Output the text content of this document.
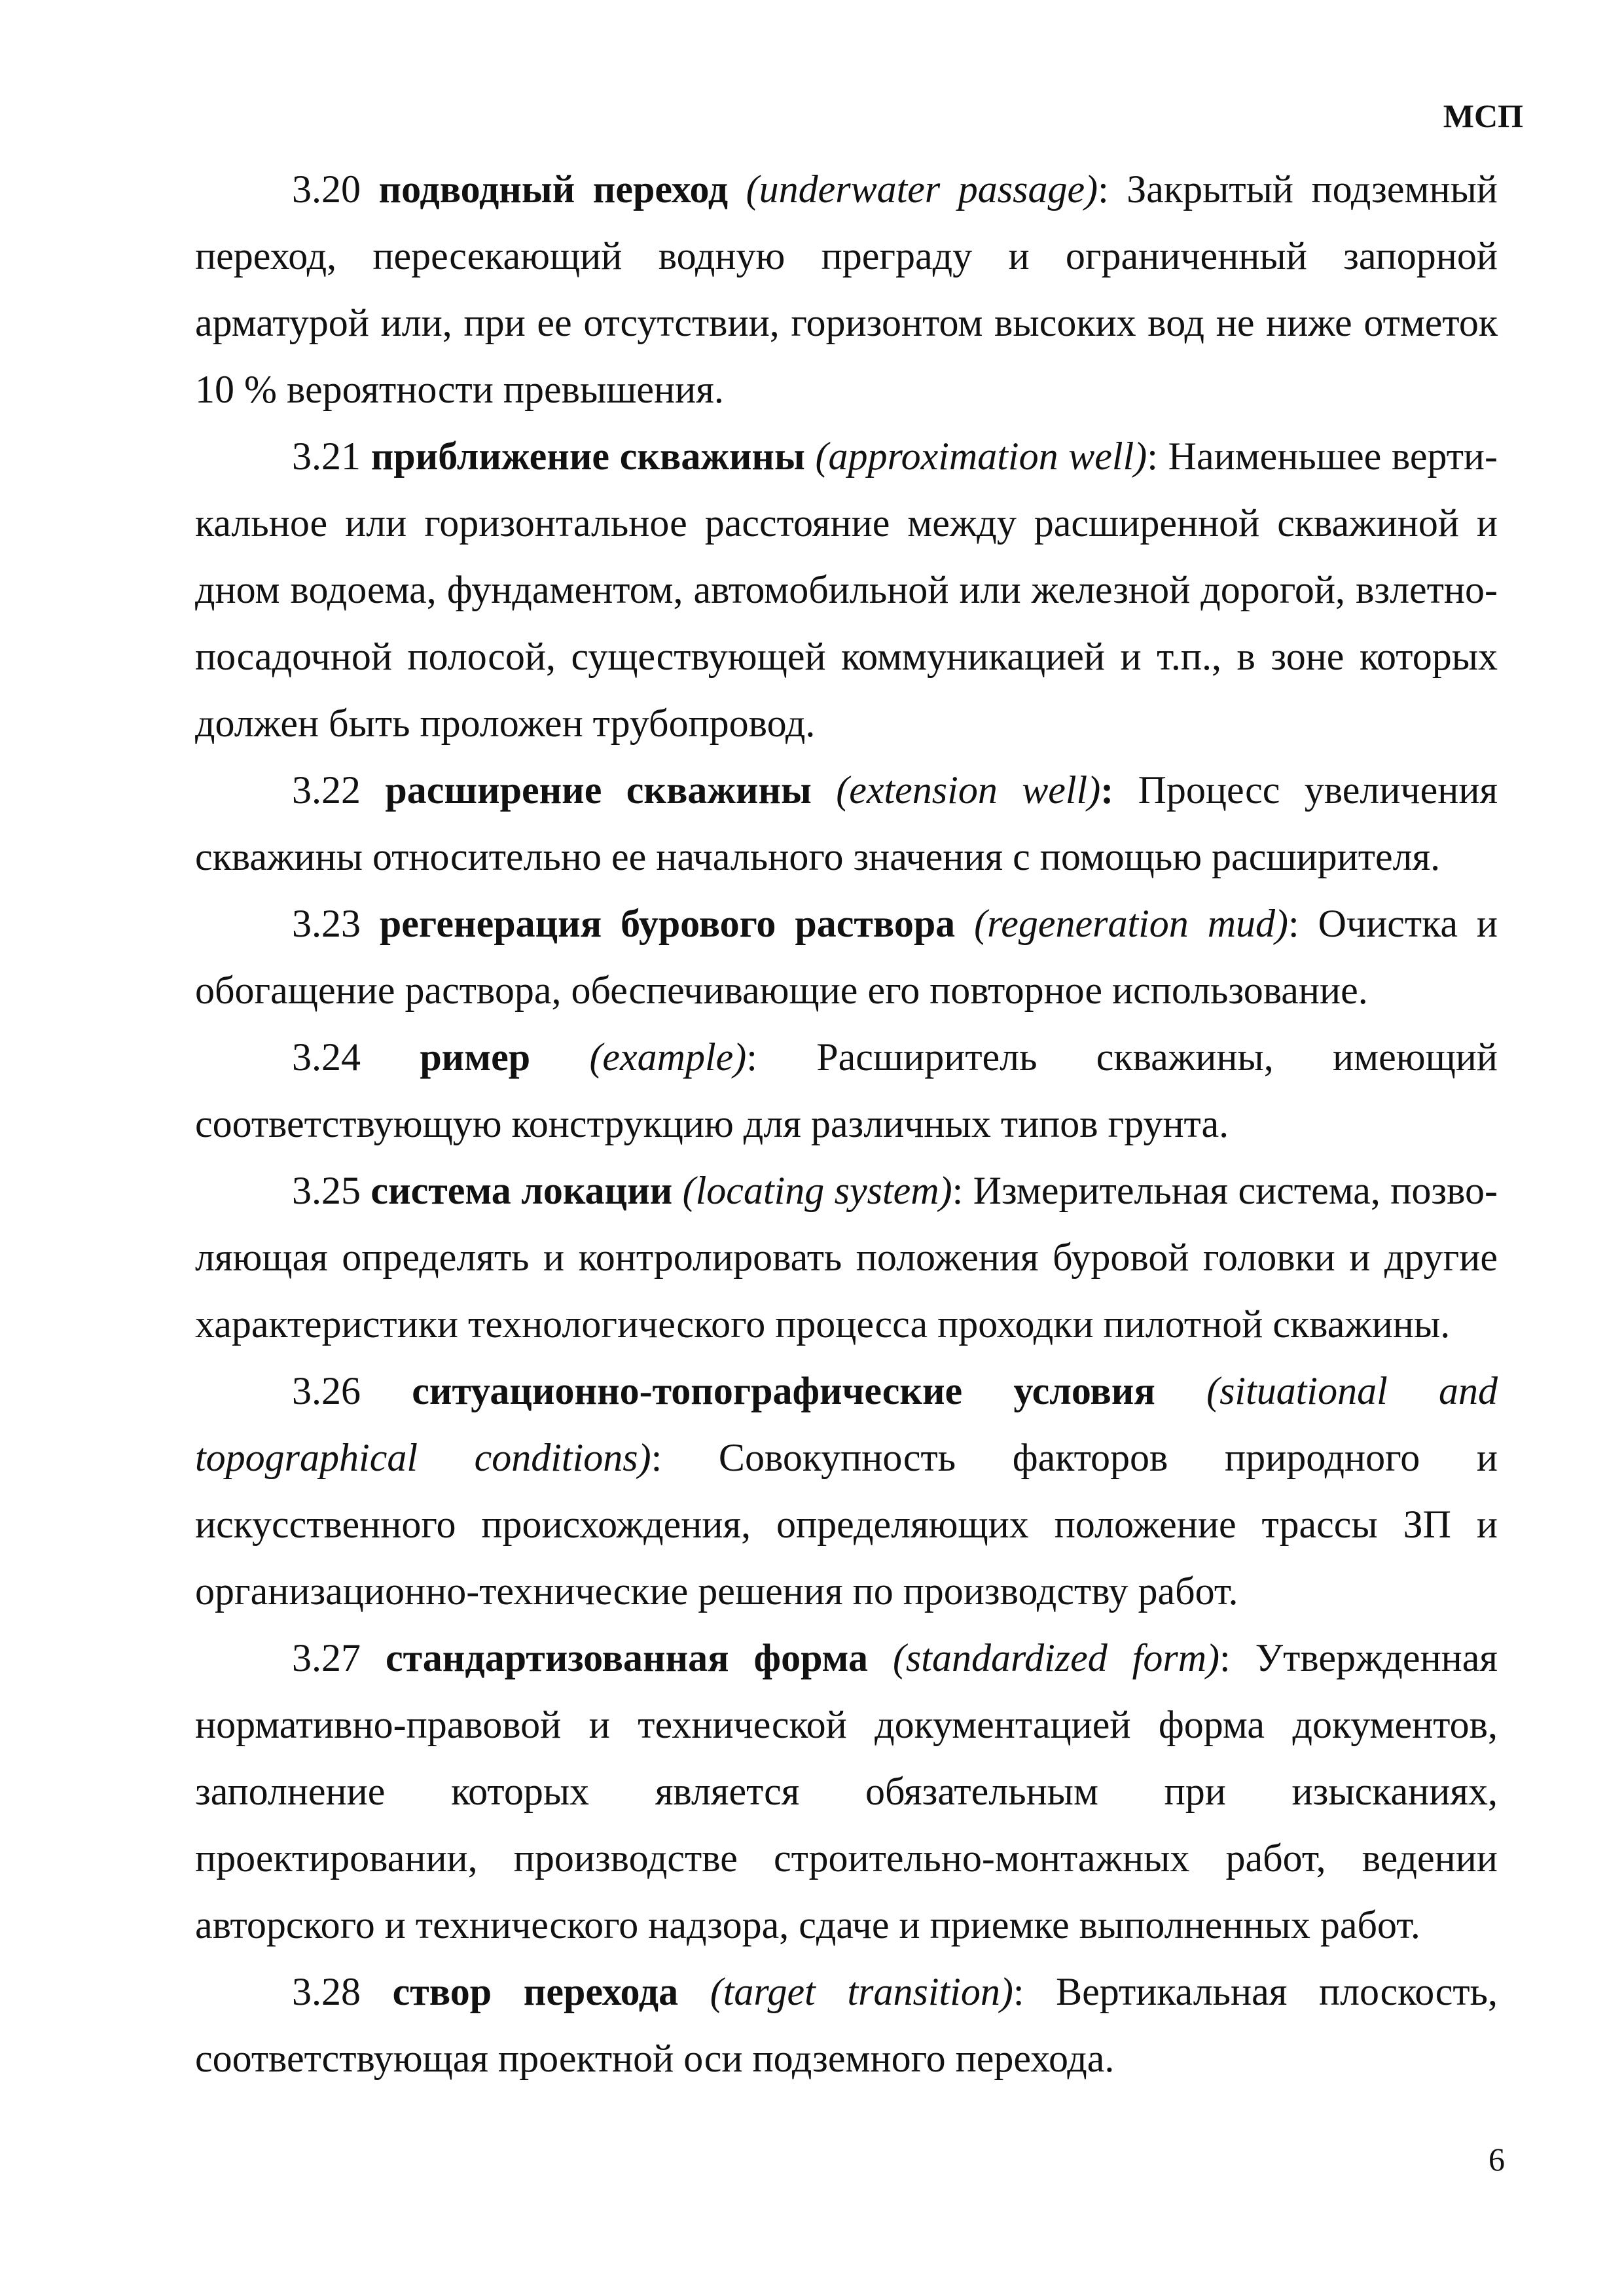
МСП

3.20 подводный переход (underwater passage): Закрытый подземный переход, пересекающий водную преграду и ограниченный запорной арматурой или, при ее отсутствии, горизонтом высоких вод не ниже отметок 10 % вероятности превышения.

3.21 приближение скважины (approximation well): Наименьшее вертикальное или горизонтальное расстояние между расширенной скважиной и дном водоема, фундаментом, автомобильной или железной дорогой, взлетно-посадочной полосой, существующей коммуникацией и т.п., в зоне которых должен быть проложен трубопровод.

3.22 расширение скважины (extension well): Процесс увеличения скважины относительно ее начального значения с помощью расширителя.

3.23 регенерация бурового раствора (regeneration mud): Очистка и обогащение раствора, обеспечивающие его повторное использование.

3.24 ример (example): Расширитель скважины, имеющий соответствующую конструкцию для различных типов грунта.

3.25 система локации (locating system): Измерительная система, позволяющая определять и контролировать положения буровой головки и другие характеристики технологического процесса проходки пилотной скважины.

3.26 ситуационно-топографические условия (situational and topographical conditions): Совокупность факторов природного и искусственного происхождения, определяющих положение трассы ЗП и организационно-технические решения по производству работ.

3.27 стандартизованная форма (standardized form): Утвержденная нормативно-правовой и технической документацией форма документов, заполнение которых является обязательным при изысканиях, проектировании, производстве строительно-монтажных работ, ведении авторского и технического надзора, сдаче и приемке выполненных работ.

3.28 створ перехода (target transition): Вертикальная плоскость, соответствующая проектной оси подземного перехода.

6
